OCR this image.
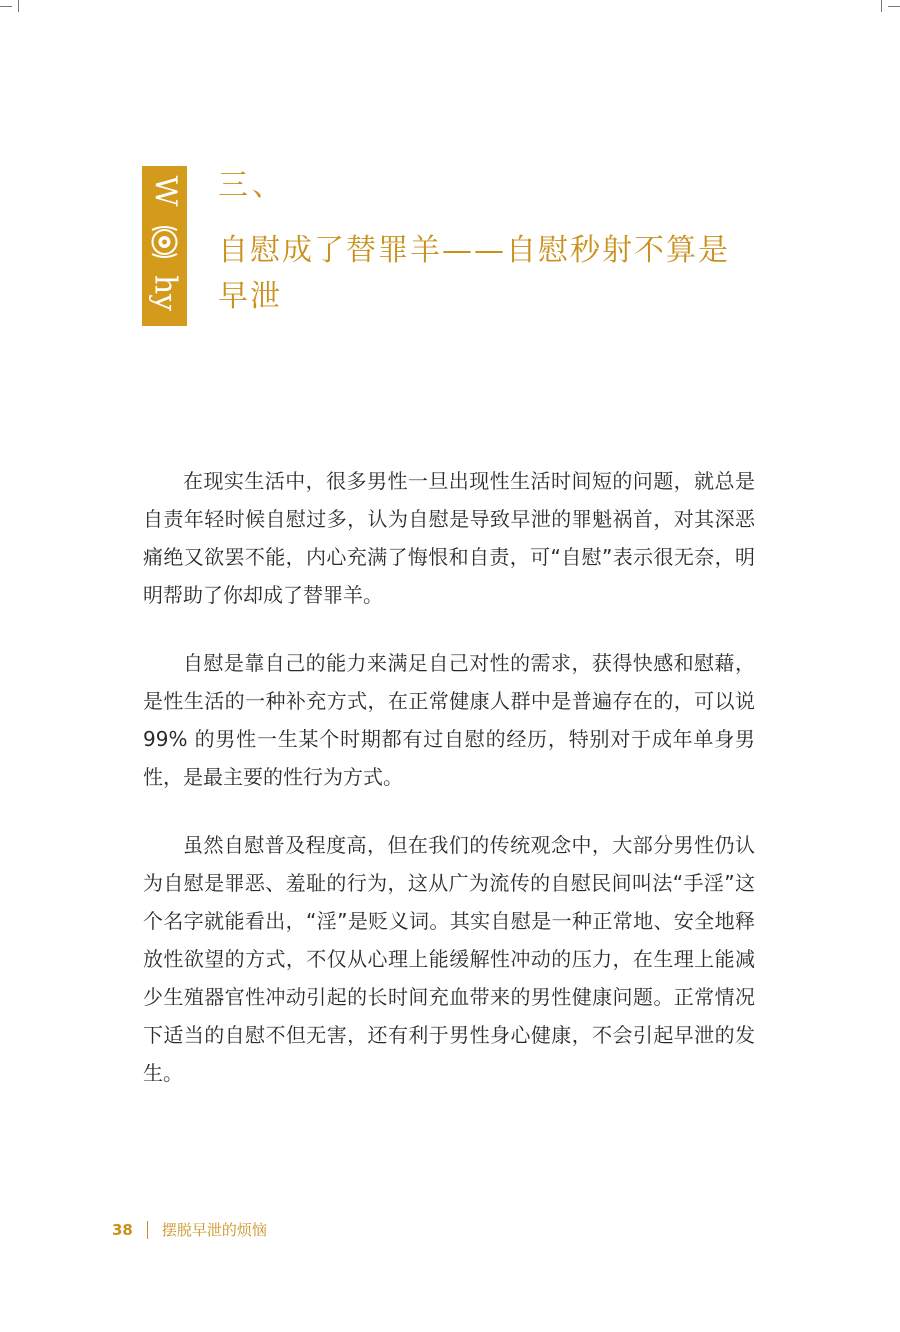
W
hy
三、
自慰成了替罪羊——自慰秒射不算是早泄

在现实生活中，很多男性一旦出现性生活时间短的问题，就总是自责年轻时候自慰过多，认为自慰是导致早泄的罪魁祸首，对其深恶痛绝又欲罢不能，内心充满了悔恨和自责，可“自慰”表示很无奈，明明帮助了你却成了替罪羊。

自慰是靠自己的能力来满足自己对性的需求，获得快感和慰藉，是性生活的一种补充方式，在正常健康人群中是普遍存在的，可以说 99% 的男性一生某个时期都有过自慰的经历，特别对于成年单身男性，是最主要的性行为方式。

虽然自慰普及程度高，但在我们的传统观念中，大部分男性仍认为自慰是罪恶、羞耻的行为，这从广为流传的自慰民间叫法“手淫”这个名字就能看出，“淫”是贬义词。其实自慰是一种正常地、安全地释放性欲望的方式，不仅从心理上能缓解性冲动的压力，在生理上能减少生殖器官性冲动引起的长时间充血带来的男性健康问题。正常情况下适当的自慰不但无害，还有利于男性身心健康，不会引起早泄的发生。

38 摆脱早泄的烦恼
